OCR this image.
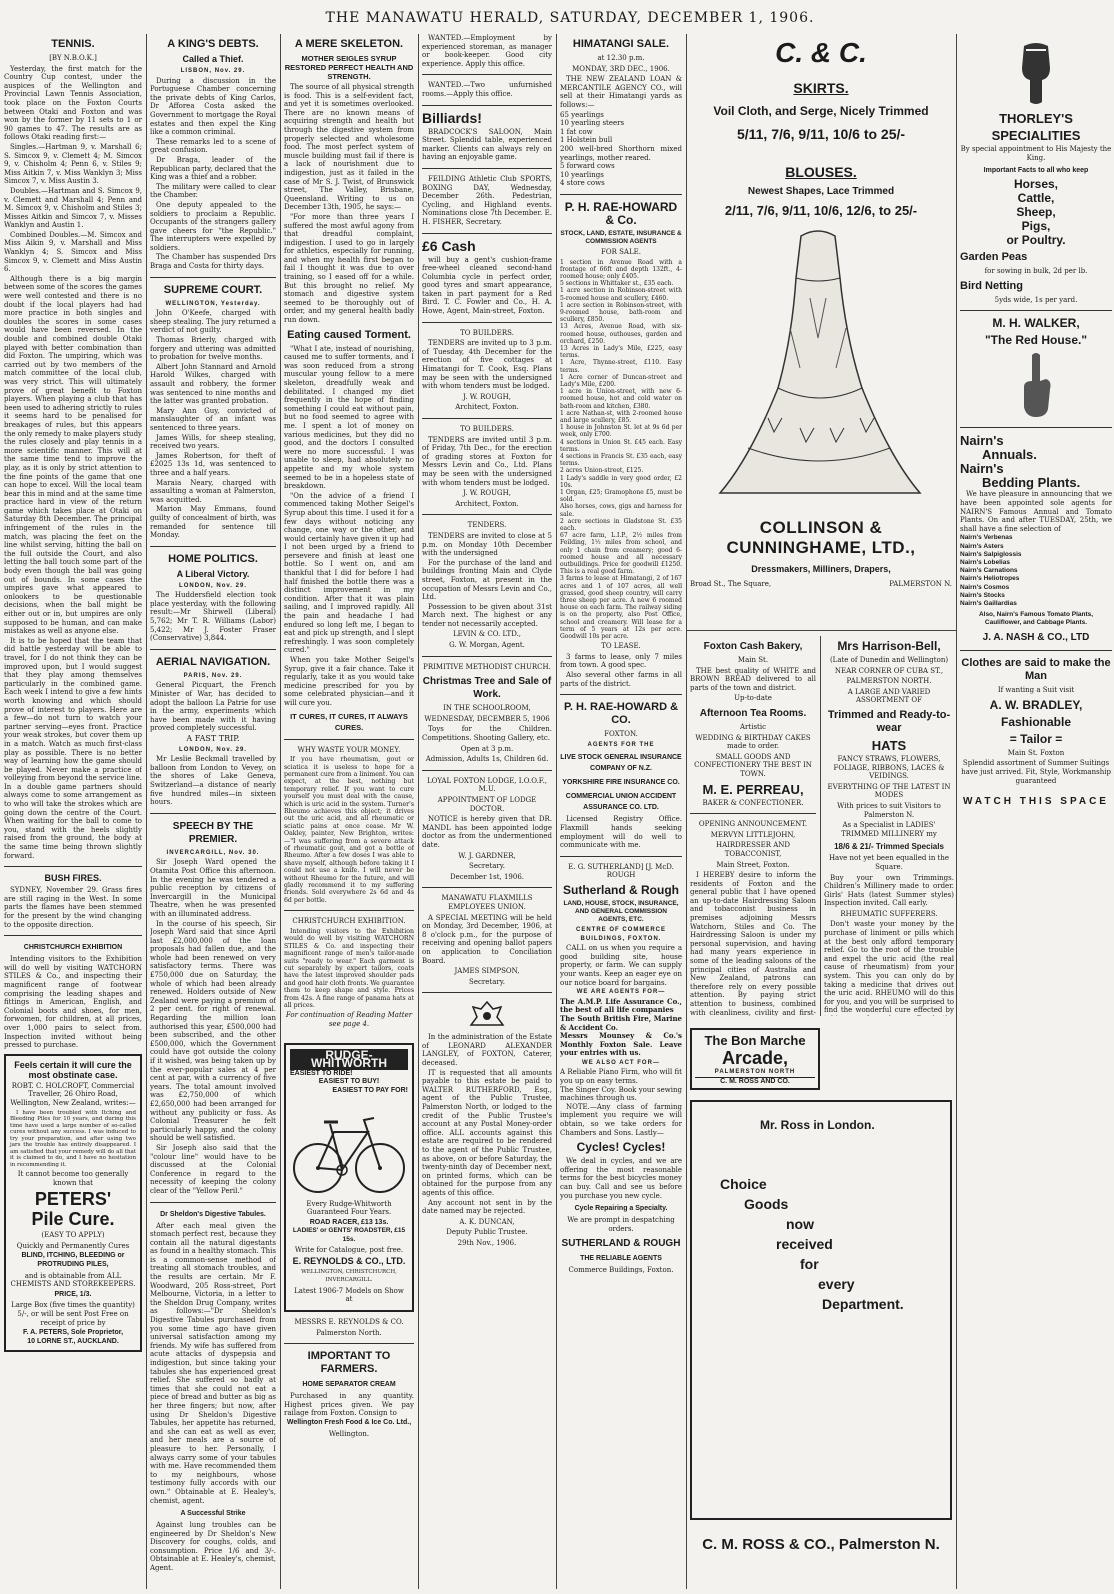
THE MANAWATU HERALD, SATURDAY, DECEMBER 1, 1906.
TENNIS.
[BY N.B.O.K.]

Yesterday, the first match for the Country Cup contest, under the auspices of the Wellington and Provincial Lawn Tennis Association, took place on the Foxton Courts between Otaki and Foxton and was won by the former by 11 sets to 1 or 90 games to 47. The results are as follows Otaki reading first:—

Singles.—Hartman 9, v. Marshall 6; S. Simcox 9, v. Clemett 4; M. Simcox 9, v. Chisholm 4; Penn 6, v. Stiles 9; Miss Aitkin 7, v. Miss Wanklyn 3; Miss Simcox 7, v. Miss Austin 3.

Doubles.—Hartman and S. Simcox 9, v. Clemett and Marshall 4; Penn and M. Simcox 9, v. Chisholm and Stiles 3; Misses Aitkin and Simcox 7, v. Misses Wanklyn and Austin 1.

Combined Doubles.—M. Simcox and Miss Aikin 9, v. Marshall and Miss Wanklyn 4; S. Simcox and Miss Simcox 9, v. Clemett and Miss Austin 6.

Although there is a big margin between some of the scores the games were well contested and there is no doubt if the local players had had more practice in both singles and doubles the scores in some cases would have been reversed. In the double and combined double Otaki played with better combination than did Foxton. The umpiring, which was carried out by two members of the match committee of the local club, was very strict. This will ultimately prove of great benefit to Foxton players. When playing a club that has been used to adhering strictly to rules it seems hard to be penalised for breakages of rules, but this appears the only remedy to make players study the rules closely and play tennis in a more scientific manner. This will at the same time tend to improve the play, as it is only by strict attention to the fine points of the game that one can hope to excel. Will the local team bear this in mind and at the same time practice hard in view of the return game which takes place at Otaki on Saturday 8th December. The principal infringement of the rules in the match, was placing the feet on the line whilst serving, hitting the ball on the full outside the Court, and also letting the ball touch some part of the body even though the ball was going out of bounds. In some cases the umpires gave what appeared to onlookers to be questionable decisions, when the ball might be either out or in, but umpires are only supposed to be human, and can make mistakes as well as anyone else.

It is to be hoped that the team that did battle yesterday will be able to travel, for I do not think they can be improved upon, but I would suggest that they play among themselves particularly in the combined game. Each week I intend to give a few hints worth knowing and which should prove of interest to players. Here are a few—do not turn to watch your partner serving—eyes front. Practice your weak strokes, but cover them up in a match. Watch as much first-class play as possible. There is no better way of learning how the game should be played. Never make a practice of volleying from beyond the service line. In a double game partners should always come to some arrangement as to who will take the strokes which are going down the centre of the Court. When waiting for the ball to come to you, stand with the heels slightly raised from the ground, the body at the same time being thrown slightly forward.

BUSH FIRES.

SYDNEY, November 29. Grass fires are still raging in the West. In some parts the flames have been stemmed for the present by the wind changing to the opposite direction.

CHRISTCHURCH EXHIBITION

Intending visitors to the Exhibition will do well by visiting WATCHORN STILES & Co., and inspecting their magnificent range of footwear comprising the leading shapes and fittings in American, English, and Colonial boots and shoes, for men, forwomen, for children, at all prices, over 1,000 pairs to select from. Inspection invited without being pressed to purchase.

Feels certain it will cure the most obstinate case.
ROBT. C. HOLCROFT, Commercial Traveller, 26 Ohiro Road, Wellington, New Zealand, writes:—

I have been troubled with Itching and Bleeding Piles for 10 years, and during this time have used a large number of so-called cures without any success. I was induced to try your preparation, and after using two jars the trouble has entirely disappeared. I am satisfied that your remedy will do all that it is claimed to do, and I have no hesitation in recommending it.

It cannot become too generally known that
PETERS'
Pile Cure.
(EASY TO APPLY)
Quickly and Permanently Cures
BLIND, ITCHING, BLEEDING or PROTRUDING PILES,
and is obtainable from ALL CHEMISTS AND STOREKEEPERS.
PRICE, 1/3.
Large Box (five times the quantity) 5/-, or will be sent Post Free on receipt of price by
F. A. PETERS, Sole Proprietor,
10 LORNE ST., AUCKLAND.
A KING'S DEBTS.
Called a Thief.
LISBON, Nov. 29.

During a discussion in the Portuguese Chamber concerning the private debts of King Carlos, Dr Afforea Costa asked the Government to mortgage the Royal estates and then expel the King like a common criminal.

These remarks led to a scene of great confusion.

Dr Braga, leader of the Republican party, declared that the King was a thief and a robber.

The military were called to clear the Chamber.

One deputy appealed to the soldiers to proclaim a Republic. Occupants of the strangers gallery gave cheers for "the Republic." The interrupters were expelled by soldiers.

The Chamber has suspended Drs Braga and Costa for thirty days.

SUPREME COURT.
WELLINGTON, Yesterday.

John O'Keefe, charged with sheep stealing. The jury returned a verdict of not guilty.

Thomas Brierly, charged with forgery and uttering was admitted to probation for twelve months.

Albert John Stannard and Arnold Harold Wilkes, charged with assault and robbery, the former was sentenced to nine months and the latter was granted probation.

Mary Ann Guy, convicted of manslaughter of an infant was sentenced to three years.

James Wills, for sheep stealing, received two years.

James Robertson, for theft of £2025 13s 1d, was sentenced to three and a half years.

Maraia Neary, charged with assaulting a woman at Palmerston, was acquitted.

Marion May Emmans, found guilty of concealment of birth, was remanded for sentence till Monday.

HOME POLITICS.
A Liberal Victory.
LONDON, Nov. 29.

The Huddersfield election took place yesterday, with the following result:—Mr Shirwell (Liberal) 5,762; Mr T. R. Williams (Labor) 5,422; Mr J. Foster Fraser (Conservative) 3,844.

AERIAL NAVIGATION.
PARIS, Nov. 29.

General Picquart, the French Minister of War, has decided to adopt the balloon La Patrie for use in the army, experiments which have been made with it having proved completely successful.

A FAST TRIP.
LONDON, Nov. 29.

Mr Leslie Beckmall travelled by balloon from London to Vevey, on the shores of Lake Geneva, Switzerland—a distance of nearly five hundred miles—in sixteen hours.

SPEECH BY THE PREMIER.
INVERCARGILL, Nov. 30.

Sir Joseph Ward opened the Otamita Post Office this afternoon. In the evening he was tendered a public reception by citizens of Invercargill in the Municipal Theatre, when he was presented with an illuminated address.

In the course of his speech, Sir Joseph Ward said that since April last £2,000,000 of the loan proposals had fallen due, and the whole had been renewed on very satisfactory terms. There was £750,000 due on Saturday, the whole of which had been already renewed. Holders outside of New Zealand were paying a premium of 2 per cent. for right of renewal. Regarding the million loan authorised this year, £500,000 had been subscribed, and the other £500,000, which the Government could have got outside the colony if it wished, was being taken up by the ever-popular sales at 4 per cent at par, with a currency of five years. The total amount involved was £2,750,000 of which £2,650,000 had been arranged for without any publicity or fuss. As Colonial Treasurer he felt particularly happy, and the colony should be well satisfied.

Sir Joseph also said that the "colour line" would have to be discussed at the Colonial Conference in regard to the necessity of keeping the colony clear of the "Yellow Peril."

Dr Sheldon's Digestive Tabules.

After each meal given the stomach perfect rest, because they contain all the natural digestants as found in a healthy stomach. This is a common-sense method of treating all stomach troubles, and the results are certain. Mr F. Woodward, 205 Ross-street, Port Melbourne, Victoria, in a letter to the Sheldon Drug Company, writes as follows:—"Dr Sheldon's Digestive Tabules purchased from you some time ago have given universal satisfaction among my friends. My wife has suffered from acute attacks of dyspepsia and indigestion, but since taking your tabules she has experienced great relief. She suffered so badly at times that she could not eat a piece of bread and butter as big as her three fingers; but now, after using Dr Sheldon's Digestive Tabules, her appetite has returned, and she can eat as well as ever, and her meals are a source of pleasure to her. Personally, I always carry some of your tabules with me. Have recommended them to my neighbours, whose testimony fully accords with our own." Obtainable at E. Healey's, chemist, agent.

A Successful Strike

Against lung troubles can be engineered by Dr Sheldon's New Discovery for coughs, colds, and consumption. Price 1/6 and 3/-. Obtainable at E. Healey's, chemist, Agent.

A MERE SKELETON.
MOTHER SEIGLES SYRUP RESTORED PERFECT HEALTH AND STRENGTH.

The source of all physical strength is food. This is a self-evident fact, and yet it is sometimes overlooked. There are no known means of acquiring strength and health but through the digestive system from properly selected and wholesome food. The most perfect system of muscle building must fail if there is a lack of nourishment due to indigestion, just as it failed in the case of Mr S. J. Twist, of Brunswick street, The Valley, Brisbane, Queensland. Writing to us on December 13th, 1905, he says:—

"For more than three years I suffered the most awful agony from that dreadful complaint, indigestion. I used to go in largely for athletics, especially for running, and when my health first began to fail I thought it was due to over training, so I eased off for a while. But this brought no relief. My stomach and digestive system seemed to be thoroughly out of order, and my general health badly run down.

Eating caused Torment.

"What I ate, instead of nourishing, caused me to suffer torments, and I was soon reduced from a strong muscular young fellow to a mere skeleton, dreadfully weak and debilitated. I changed my diet frequently in the hope of finding something I could eat without pain, but no food seemed to agree with me. I spent a lot of money on various medicines, but they did no good, and the doctors I consulted were no more successful. I was unable to sleep, had absolutely no appetite and my whole system seemed to be in a hopeless state of breakdown.

"On the advice of a friend I commenced taking Mother Seigel's Syrup about this time. I used it for a few days without noticing any change, one way or the other, and would certainly have given it up had I not been urged by a friend to persevere and finish at least one bottle. So I went on, and am thankful that I did for before I had half finished the bottle there was a distinct improvement in my condition. After that it was plain sailing, and I improved rapidly. All the pain and headache I had endured so long left me, I began to eat and pick up strength, and I slept refreshingly. I was soon completely cured."

When you take Mother Seigel's Syrup, give it a fair chance. Take it regularly, take it as you would take medicine prescribed for you by some celebrated physician—and it will cure you.

IT CURES, IT CURES, IT ALWAYS CURES.
WHY WASTE YOUR MONEY.

If you have rheumatism, gout or sciatica it is useless to hope for a permanent cure from a liniment. You can expect, at the best, nothing but temporary relief. If you want to cure yourself you must deal with the cause, which is uric acid in the system. Turner's Rheumo achieves this object; it drives out the uric acid, and all rheumatic or sciatic pains at once cease. Mr W. Oakley, painter, New Brighton, writes:—"I was suffering from a severe attack of rheumatic gout, and got a bottle of Rheumo. After a few doses I was able to shave myself, although before taking it I could not use a knife. I will never be without Rheumo for the future, and will gladly recommend it to my suffering friends. Sold everywhere 2s 6d and 4s 6d per bottle.

CHRISTCHURCH EXHIBITION.

Intending visitors to the Exhibition would do well by visiting WATCHORN STILES & Co. and inspecting their magnificent range of men's tailor-made suits "ready to wear." Each garment is cut separately by expert tailors, coats have the latest improved shoulder pads and good hair cloth fronts. We guarantee them to keep shape and style. Prices from 42s. A fine range of panama hats at all prices.

For continuation of Reading Matter see page 4.
RUDGE-WHITWORTH
EASIEST TO RIDE!
EASIEST TO BUY!
EASIEST TO PAY FOR!
Every Rudge-Whitworth Guaranteed Four Years.
ROAD RACER, £13 13s.
LADIES' or GENTS' ROADSTER, £15 15s.
Write for Catalogue, post free.
E. REYNOLDS & CO., LTD.
WELLINGTON, CHRISTCHURCH, INVERCARGILL.
Latest 1906-7 Models on Show at
MESSRS E. REYNOLDS & CO.
Palmerston North.
IMPORTANT TO FARMERS.
HOME SEPARATOR CREAM

Purchased in any quantity. Highest prices given. We pay railage from Foxton. Consign to

Wellington Fresh Food & Ice Co. Ltd.,
Wellington.

WANTED.—Employment by experienced storeman, as manager or book-keeper. Good city experience. Apply this office.

WANTED.—Two unfurnished rooms.—Apply this office.

Billiards!

BRADCOCK'S SALOON, Main Street. Splendid table, experienced marker. Clients can always rely on having an enjoyable game.

FEILDING Athletic Club SPORTS, BOXING DAY, Wednesday, December 26th. Pedestrian, Cycling, and Highland events. Nominations close 7th December. E. H. FISHER, Secretary.

£6 Cash

will buy a gent's cushion-frame free-wheel cleaned second-hand Columbia cycle in perfect order, good tyres and smart appearance, taken in part payment for a Red Bird. T. C. Fowler and Co., H. A. Howe, Agent, Main-street, Foxton.

TO BUILDERS.

TENDERS are invited up to 3 p.m. of Tuesday, 4th December for the erection of five cottages at Himatangi for T. Cook, Esq. Plans may be seen with the undersigned with whom tenders must be lodged.

J. W. ROUGH,
Architect, Foxton.
TO BUILDERS.

TENDERS are invited until 3 p.m. of Friday, 7th Dec., for the erection of grading stores at Foxton for Messrs Levin and Co., Ltd. Plans may be seen with the undersigned with whom tenders must be lodged.

J. W. ROUGH,
Architect, Foxton.
TENDERS.

TENDERS are invited to close at 5 p.m. on Monday 10th December with the undersigned

For the purchase of the land and buildings fronting Main and Clyde street, Foxton, at present in the occupation of Messrs Levin and Co., Ltd.

Possession to be given about 31st March next. The highest or any tender not necessarily accepted.

LEVIN & CO. LTD.,
G. W. Morgan, Agent.
PRIMITIVE METHODIST CHURCH.
Christmas Tree and Sale of Work.
IN THE SCHOOLROOM,
WEDNESDAY, DECEMBER 5, 1906

Toys for the Children. Competitions. Shooting Gallery, etc.

Open at 3 p.m.
Admission, Adults 1s, Children 6d.
LOYAL FOXTON LODGE, I.O.O.F., M.U.
APPOINTMENT OF LODGE DOCTOR.

NOTICE is hereby given that DR. MANDL has been appointed lodge doctor as from the undermentioned date.

W. J. GARDNER,
Secretary.
December 1st, 1906.
MANAWATU FLAXMILLS EMPLOYEES UNION.

A SPECIAL MEETING will be held on Monday, 3rd December, 1906, at 8 o'clock p.m., for the purpose of receiving and opening ballot papers on application to Conciliation Board.

JAMES SIMPSON,
Secretary.

In the administration of the Estate of LEONARD ALEXANDER LANGLEY, of FOXTON, Caterer, deceased.

IT is requested that all amounts payable to this estate be paid to WALTER RUTHERFORD, Esq., agent of the Public Trustee, Palmerston North, or lodged to the credit of the Public Trustee's account at any Postal Money-order office. ALL accounts against this estate are required to be rendered to the agent of the Public Trustee, as above, on or before Saturday, the twenty-ninth day of December next, on printed forms, which can be obtained for the purpose from any agents of this office.

Any account not sent in by the date named may be rejected.

A. K. DUNCAN,
Deputy Public Trustee.
29th Nov., 1906.
HIMATANGI SALE.
at 12.30 p.m.
MONDAY, 3RD DEC., 1906.

THE NEW ZEALAND LOAN & MERCANTILE AGENCY CO., will sell at their Himatangi yards as follows:—

65 yearlings

10 yearling steers

1 fat cow

1 Holstein bull

200 well-bred Shorthorn mixed yearlings, mother reared.

5 forward cows

10 yearlings

4 store cows

P. H. RAE-HOWARD & Co.
STOCK, LAND, ESTATE, INSURANCE & COMMISSION AGENTS
FOR SALE.

1 section in Avenue Road with a frontage of 66ft and depth 132ft., 4-roomed house; only £405.

5 sections in Whittaker st., £35 each.

1 acre section in Robinson-street with 5-roomed house and scullery, £460.

1 acre section in Robinson-street, with 9-roomed house, bath-room and scullery, £850.

13 Acres, Avenue Road, with six-roomed house, outhouses, garden and orchard, £250.

13 Acres in Lady's Mile, £225, easy terms.

1 Acre, Thynne-street, £110. Easy terms.

1 Acre corner of Duncan-street and Lady's Mile, £200.

1 acre in Union-street, with new 6-roomed house, hot and cold water on bath-room and kitchen, £380.

1 acre Nathan-st, with 2-roomed house and large scullery, £85.

1 house in Johnston St. let at 9s 6d per week, only £700.

4 sections in Union St. £45 each. Easy terms.

4 sections in Francis St. £35 each, easy terms.

2 acres Union-street, £125.

1 Lady's saddle in very good order, £2 10s.

1 Organ, £25; Gramophone £5, must be sold.

Also horses, cows, gigs and harness for sale.

2 acre sections in Gladstone St. £35 each.

67 acre farm, L.I.P., 2½ miles from Feilding, 1½ miles from school, and only 1 chain from creamery; good 6-roomed house and all necessary outbuildings. Price for goodwill £1250. This is a real good farm.

3 farms to lease at Himatangi, 2 of 167 acres and 1 of 107 acres, all well grassed, good sheep country, will carry three sheep per acre. A new 6 roomed house on each farm. The railway siding is on the property, also Post Office, school and creamery. Will lease for a term of 5 years at 12s per acre. Goodwill 10s per acre.

TO LEASE.

3 farms to lease, only 7 miles from town. A good spec.

Also several other farms in all parts of the district.

P. H. RAE-HOWARD & CO.
FOXTON.
AGENTS FOR THE
LIVE STOCK GENERAL INSURANCE COMPANY OF N.Z.
YORKSHIRE FIRE INSURANCE CO.
COMMERCIAL UNION ACCIDENT ASSURANCE CO. LTD.

Licensed Registry Office. Flaxmill hands seeking employment will do well to communicate with me.

E. G. SUTHERLAND] [J. McD. ROUGH
Sutherland & Rough
LAND, HOUSE, STOCK, INSURANCE, AND GENERAL COMMISSION AGENTS, ETC.
CENTRE OF COMMERCE BUILDINGS, FOXTON.

CALL on us when you require a good building site, house property, or farm. We can supply your wants. Keep an eager eye on our notice board for bargains.

WE ARE AGENTS FOR—

The A.M.P. Life Assurance Co., the best of all life companies

The South British Fire, Marine & Accident Co.

Messrs Mounsey & Co.'s Monthly Foxton Sale. Leave your entries with us.

WE ALSO ACT FOR—

A Reliable Piano Firm, who will fit you up on easy terms.

The Singer Coy. Book your sewing machines through us.

NOTE.—Any class of farming implement you require we will obtain, so we take orders for Chambers and Sons. Lastly—

Cycles! Cycles!

We deal in cycles, and we are offering the most reasonable terms for the best bicycles money can buy. Call and see us before you purchase you new cycle.

Cycle Repairing a Specialty.
We are prompt in despatching orders.
SUTHERLAND & ROUGH
THE RELIABLE AGENTS
Commerce Buildings, Foxton.
C. & C.
SKIRTS.
Voil Cloth, and Serge, Nicely Trimmed
5/11, 7/6, 9/11, 10/6 to 25/-
BLOUSES.
Newest Shapes, Lace Trimmed
2/11, 7/6, 9/11, 10/6, 12/6, to 25/-
COLLINSON & CUNNINGHAME, LTD.,
Dressmakers, Milliners, Drapers,
Broad St., The Square,	PALMERSTON N.
Foxton Cash Bakery,
Main St.

THE best quality of WHITE and BROWN BREAD delivered to all parts of the town and district.

Up-to-date
Afternoon Tea Rooms.
Artistic
WEDDING & BIRTHDAY CAKES made to order.
SMALL GOODS AND CONFECTIONERY THE BEST IN TOWN.
M. E. PERREAU,
BAKER & CONFECTIONER.
OPENING ANNOUNCEMENT.
MERVYN LITTLEJOHN,
HAIRDRESSER AND TOBACCONIST,
Main Street, Foxton.

I HEREBY desire to inform the residents of Foxton and the general public that I have opened an up-to-date Hairdressing Saloon and tobacconist business in premises adjoining Messrs Watchorn, Stiles and Co. The Hairdressing Saloon is under my personal supervision, and having had many years experience in some of the leading saloons of the principal cities of Australia and New Zealand, patrons can therefore rely on every possible attention. By paying strict attention to business, combined with cleanliness, civility and first-

Mrs Harrison-Bell,
(Late of Dunedin and Wellington)
NEAR CORNER OF CUBA ST.,
PALMERSTON NORTH.
A LARGE AND VARIED ASSORTMENT OF
Trimmed and Ready-to-wear
HATS
FANCY STRAWS, FLOWERS, FOLIAGE, RIBBONS, LACES & VEIDINGS.
EVERYTHING OF THE LATEST IN MODES
With prices to suit Visitors to Palmerston N.
As a Specialist in LADIES' TRIMMED MILLINERY my
18/6 & 21/- Trimmed Specials
Have not yet been equalled in the Square.

Buy your own Trimmings. Children's Millinery made to order. Girls' Hats (latest Summer styles) Inspection invited. Call early.

RHEUMATIC SUFFERERS.

Don't waste your money by the purchase of liniment or pills which at the best only afford temporary relief. Go to the root of the trouble and expel the uric acid (the real cause of rheumatism) from your system. This you can only do by taking a medicine that drives out the uric acid. RHEUMO will do this for you, and you will be surprised to find the wonderful cure effected by

The Bon Marche
Arcade,
PALMERSTON NORTH
C. M. ROSS AND CO.
Mr. Ross in London.
Choice
Goods
now
received
for
every
Department.
C. M. ROSS & CO., Palmerston N.
THORLEY'S
SPECIALITIES
By special appointment to His Majesty the King.
Important Facts to all who keep
Horses,
Cattle,
Sheep,
Pigs,
or Poultry.
Garden Peas
for sowing in bulk, 2d per lb.
Bird Netting
5yds wide, 1s per yard.
M. H. WALKER,
"The Red House."
Nairn's
Annuals.
Nairn's
Bedding Plants.

We have pleasure in announcing that we have been appointed sole agents for NAIRN'S Famous Annual and Tomato Plants. On and after TUESDAY, 25th, we shall have a fine selection of

Nairn's Verbenas
Nairn's Asters
Nairn's Salpiglossis
Nairn's Lobelias
Nairn's Carnations
Nairn's Heliotropes
Nairn's Cosmos
Nairn's Stocks
Nairn's Gaillardias
Also, Nairn's Famous Tomato Plants, Cauliflower, and Cabbage Plants.
J. A. NASH & CO., LTD
Clothes are said to make the Man
If wanting a Suit visit
A. W. BRADLEY,
Fashionable
= Tailor =
Main St. Foxton

Splendid assortment of Summer Suitings have just arrived. Fit, Style, Workmanship guaranteed

WATCH THIS SPACE
